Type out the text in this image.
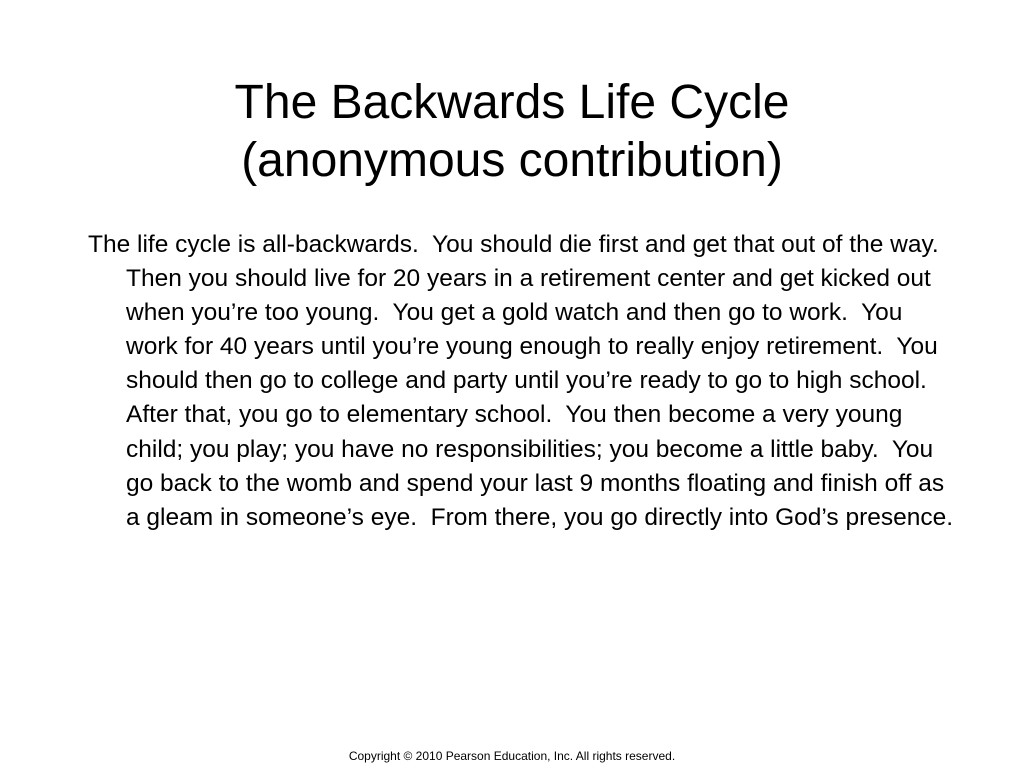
The Backwards Life Cycle
(anonymous contribution)
The life cycle is all-backwards.  You should die first and get that out of the way.  Then you should live for 20 years in a retirement center and get kicked out when you’re too young.  You get a gold watch and then go to work.  You work for 40 years until you’re young enough to really enjoy retirement.  You should then go to college and party until you’re ready to go to high school.  After that, you go to elementary school.  You then become a very young child; you play; you have no responsibilities; you become a little baby.  You go back to the womb and spend your last 9 months floating and finish off as a gleam in someone’s eye.  From there, you go directly into God’s presence.
Copyright © 2010 Pearson Education, Inc. All rights reserved.
